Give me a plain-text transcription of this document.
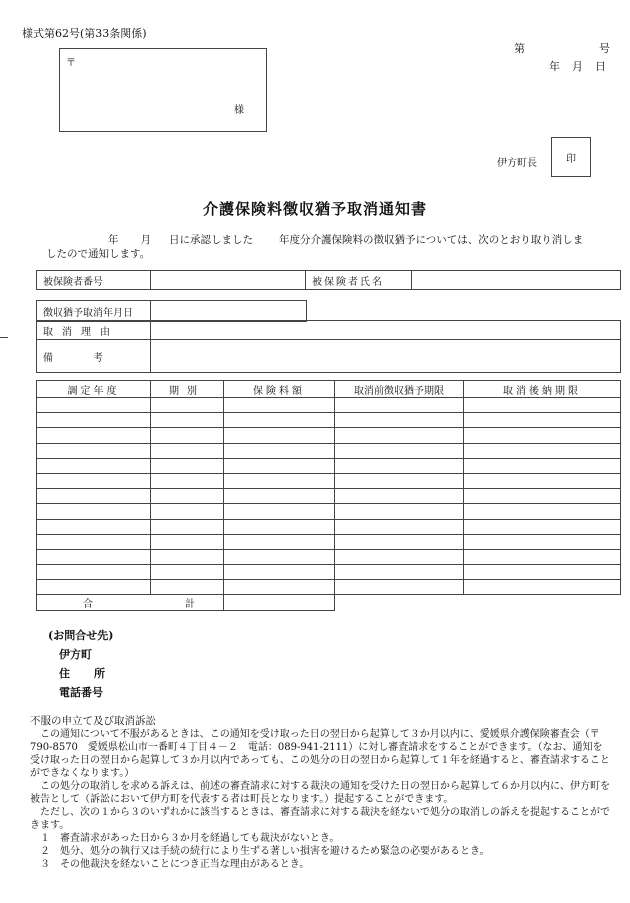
様式第62号(第33条関係)
〒
様
第	号
年 月 日
伊方町長	印
介護保険料徴収猶予取消通知書
年 月 日に承認しました 年度分介護保険料の徴収猶予については、次のとおり取り消しま
したので通知します。
被保険者番号		被保険者氏名

徴収猶予取消年月日

取消理由	

備考	

調定年度	期別	保険料額	取消前徴収猶予期限	取消後納期限

合	計

(お問合せ先)
伊方町
住 所
電話番号
不服の申立て及び取消訴訟
この通知について不服があるときは、この通知を受け取った日の翌日から起算して３か月以内に、愛媛県介護保険審査会（〒790-8570　愛媛県松山市一番町４丁目４－２　電話：089-941-2111）に対し審査請求をすることができます。（なお、通知を受け取った日の翌日から起算して３か月以内であっても、この処分の日の翌日から起算して１年を経過すると、審査請求することができなくなります。）
この処分の取消しを求める訴えは、前述の審査請求に対する裁決の通知を受けた日の翌日から起算して６か月以内に、伊方町を被告として（訴訟において伊方町を代表する者は町長となります。）提起することができます。
ただし、次の１から３のいずれかに該当するときは、審査請求に対する裁決を経ないで処分の取消しの訴えを提起することができます。
１　審査請求があった日から３か月を経過しても裁決がないとき。
２　処分、処分の執行又は手続の続行により生ずる著しい損害を避けるため緊急の必要があるとき。
３　その他裁決を経ないことにつき正当な理由があるとき。
